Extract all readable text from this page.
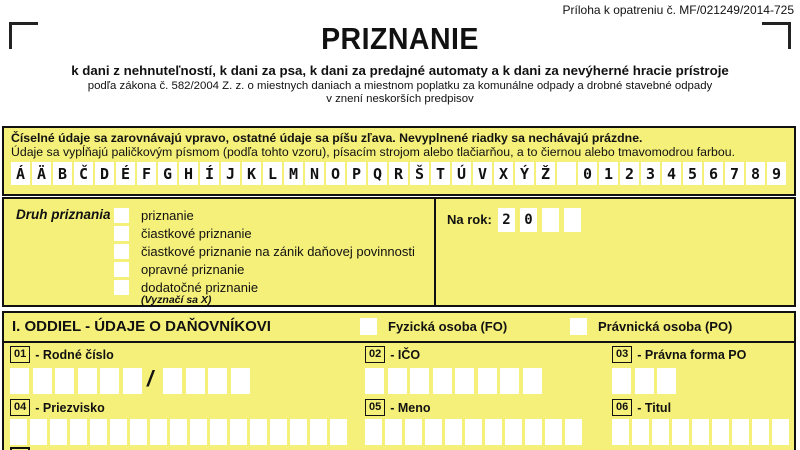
Príloha k opatreniu č. MF/021249/2014-725
PRIZNANIE
k dani z nehnuteľností, k dani za psa, k dani za predajné automaty a k dani za nevýherné hracie prístroje
podľa zákona č. 582/2004 Z. z. o miestnych daniach a miestnom poplatku za komunálne odpady a drobné stavebné odpady
v znení neskorších predpisov
Číselné údaje sa zarovnávajú vpravo, ostatné údaje sa píšu zľava. Nevyplnené riadky sa nechávajú prázdne.
Údaje sa vypĺňajú paličkovým písmom (podľa tohto vzoru), písacím strojom alebo tlačiarňou, a to čiernou alebo tmavomodrou farbou.
Á Ä B Č D É F G H Í J K L M N O P Q R Š T Ú V X Ý Ž	0 1 2 3 4 5 6 7 8 9
Druh priznania priznanie
čiastkové priznanie
čiastkové priznanie na zánik daňovej povinnosti
opravné priznanie
dodatočné priznanie
(Vyznačí sa X)
Na rok: 2 0
I. ODDIEL - ÚDAJE O DAŇOVNÍKOVI	Fyzická osoba (FO)	Právnická osoba (PO)
01 - Rodné číslo	02 - IČO	03 - Právna forma PO
/
04 - Priezvisko	05 - Meno	06 - Titul
